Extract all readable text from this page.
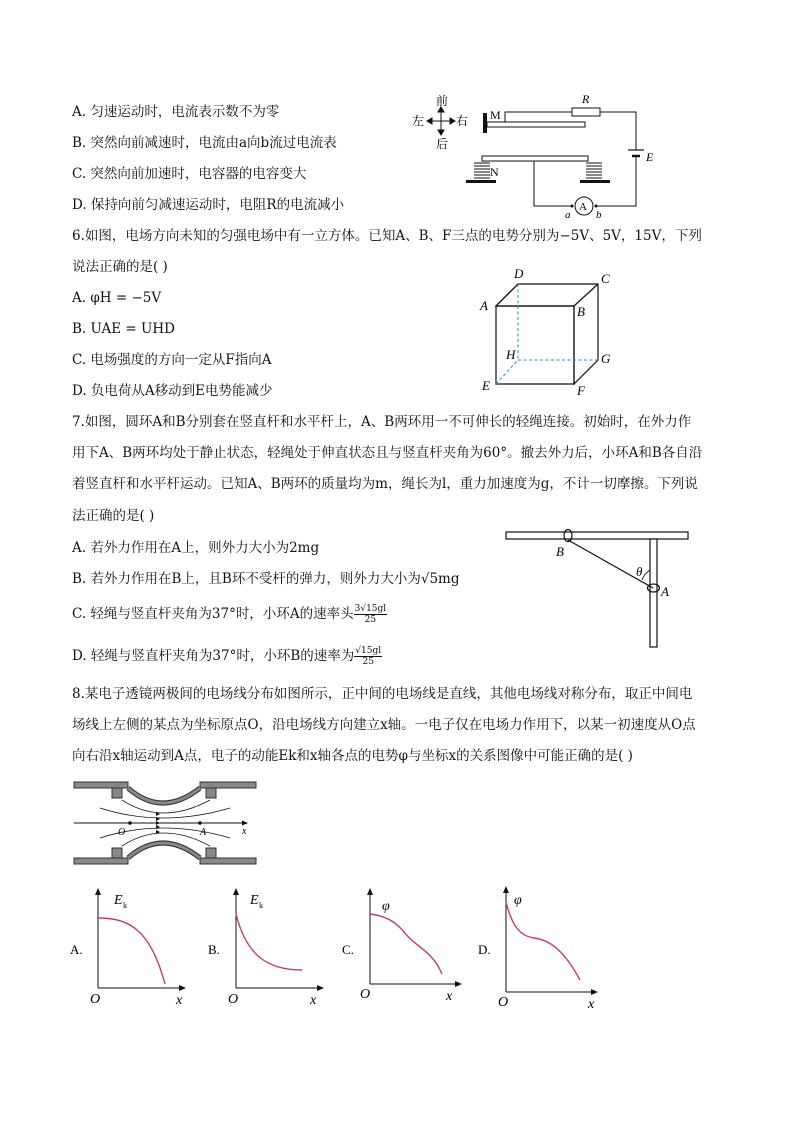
A. 匀速运动时，电流表示数不为零
B. 突然向前减速时，电流由a向b流过电流表
C. 突然向前加速时，电容器的电容变大
D. 保持向前匀减速运动时，电阻R的电流减小
前
后
左	右 M
R
E
N
A
a b
6.如图，电场方向未知的匀强电场中有一立方体。已知A、B、F三点的电势分别为−5V、5V，15V，下列
说法正确的是( )
A. φH = −5V
B. UAE = UHD
C. 电场强度的方向一定从F指向A
D. 负电荷从A移动到E电势能减少
A	B
C
D
E	F
G
H
7.如图，圆环A和B分别套在竖直杆和水平杆上，A、B两环用一不可伸长的轻绳连接。初始时，在外力作
用下A、B两环均处于静止状态，轻绳处于伸直状态且与竖直杆夹角为60°。撤去外力后，小环A和B各自沿
着竖直杆和水平杆运动。已知A、B两环的质量均为m，绳长为l，重力加速度为g，不计一切摩擦。下列说
法正确的是( )
A. 若外力作用在A上，则外力大小为2mg
B. 若外力作用在B上，且B环不受杆的弹力，则外力大小为√5mg
C. 轻绳与竖直杆夹角为37°时，小环A的速率头 $\frac{3√15gl}{25}$
D. 轻绳与竖直杆夹角为37°时，小环B的速率为 $\frac{√15gl}{25}$
B
A
θ
8.某电子透镜两极间的电场线分布如图所示，正中间的电场线是直线，其他电场线对称分布，取正中间电
场线上左侧的某点为坐标原点O，沿电场线方向建立x轴。一电子仅在电场力作用下，以某一初速度从O点
向右沿x轴运动到A点，电子的动能Ek和x轴各点的电势φ与坐标x的关系图像中可能正确的是( )
O	A	x
A.
E k
O	x
B.
E k
O	x
C.
φ
O	x
D.
φ
O	x
